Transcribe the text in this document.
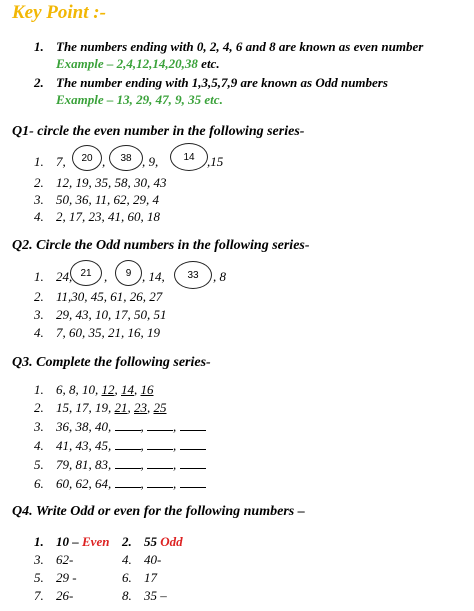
Key Point :-
1. The numbers ending with 0, 2, 4, 6 and 8 are known as even number
Example – 2,4,12,14,20,38 etc.
2. The number ending with 1,3,5,7,9 are known as Odd numbers
Example – 13, 29, 47, 9, 35 etc.
Q1- circle the even number in the following series-
1. 7,	20 ,	38 , 9,	14 ,15
2. 12, 19, 35, 58, 30, 43
3. 50, 36, 11, 62, 29, 4
4. 2, 17, 23, 41, 60, 18
Q2. Circle the Odd numbers in the following series-
1. 24, 21 ,	9 , 14,	33	, 8
2. 11,30, 45, 61, 26, 27
3. 29, 43, 10, 17, 50, 51
4. 7, 60, 35, 21, 16, 19
Q3. Complete the following series-
1. 6, 8, 10, 12, 14, 16
2. 15, 17, 19, 21, 23, 25
3. 36, 38, 40, , ,
4. 41, 43, 45, , ,
5. 79, 81, 83, , ,
6. 60, 62, 64, , ,
Q4. Write Odd or even for the following numbers –
1. 10 – Even 2. 55 Odd
3. 62-	4. 40-
5. 29 -	6. 17
7. 26-	8. 35 –
